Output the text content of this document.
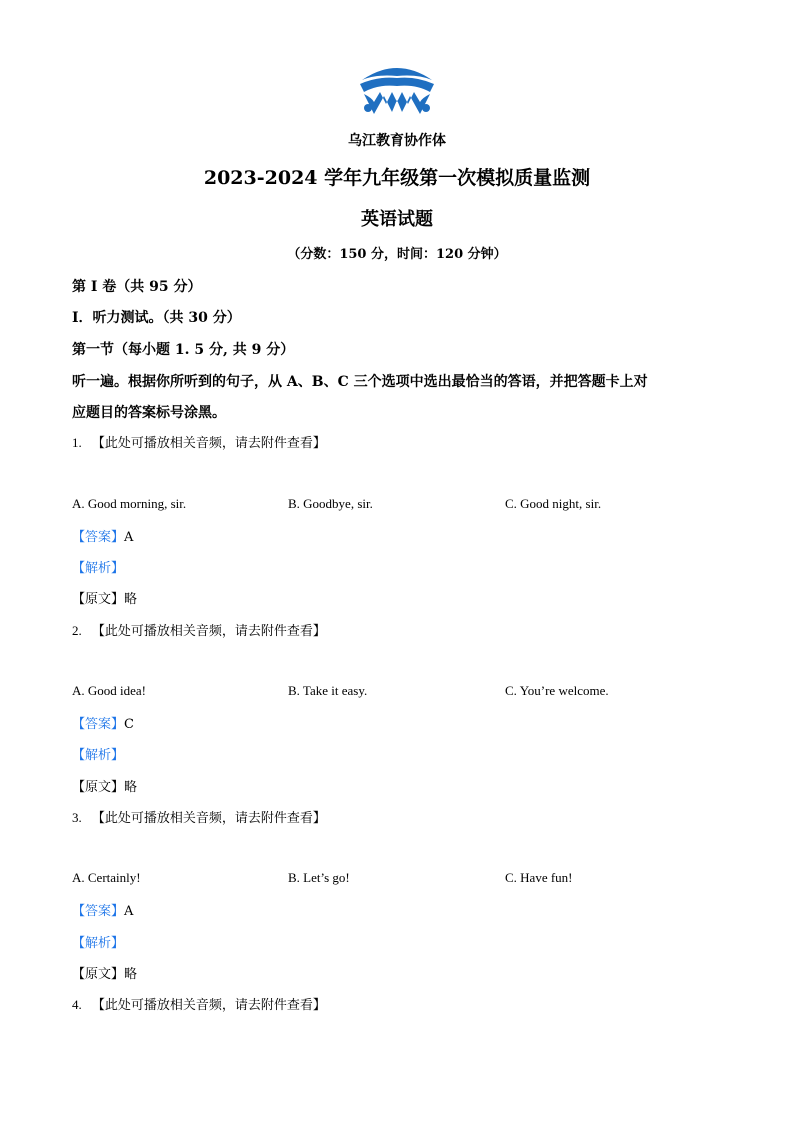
乌江教育协作体
2023-2024 学年九年级第一次模拟质量监测
英语试题
（分数：150 分，时间：120 分钟）
第 I 卷（共 95 分）
I．听力测试。（共 30 分）
第一节（每小题 1. 5 分, 共 9 分）
听一遍。根据你所听到的句子，从 A、B、C 三个选项中选出最恰当的答语，并把答题卡上对
应题目的答案标号涂黑。
1. 【此处可播放相关音频，请去附件查看】
A. Good morning, sir.	B. Goodbye, sir.	C. Good night, sir.
【答案】A
【解析】
【原文】略
2. 【此处可播放相关音频，请去附件查看】
A. Good idea!	B. Take it easy.	C. You’re welcome.
【答案】C
【解析】
【原文】略
3. 【此处可播放相关音频，请去附件查看】
A. Certainly!	B. Let’s go!	C. Have fun!
【答案】A
【解析】
【原文】略
4. 【此处可播放相关音频，请去附件查看】
